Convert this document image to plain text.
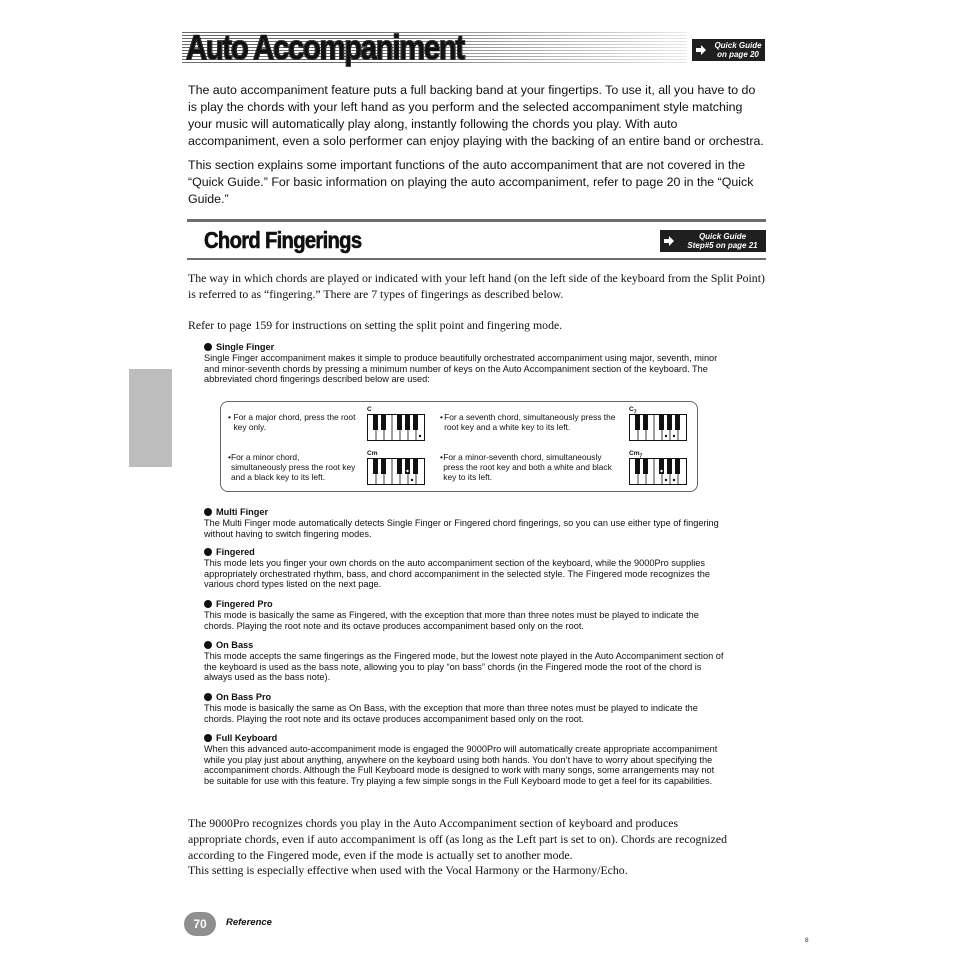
Auto Accompaniment	Quick Guide
on page 20

The auto accompaniment feature puts a full backing band at your fingertips. To use it, all you have to do is play the chords with your left hand as you perform and the selected accompaniment style matching your music will automatically play along, instantly following the chords you play. With auto accompaniment, even a solo performer can enjoy playing with the backing of an entire band or orchestra.

This section explains some important functions of the auto accompaniment that are not covered in the “Quick Guide.” For basic information on playing the auto accompaniment, refer to page 20 in the “Quick Guide.”

Chord Fingerings	Quick Guide
Step#5 on page 21

The way in which chords are played or indicated with your left hand (on the left side of the keyboard from the Split Point) is referred to as “fingering.” There are 7 types of fingerings as described below.

Refer to page 159 for instructions on setting the split point and fingering mode.

Single Finger
Single Finger accompaniment makes it simple to produce beautifully orchestrated accompaniment using major, seventh, minor and minor-seventh chords by pressing a minimum number of keys on the Auto Accompaniment section of the keyboard. The abbreviated chord fingerings described below are used:
• For a major chord, press the root key only.
C
• For a seventh chord, simultaneously press the root key and a white key to its left.
$C_7$
• For a minor chord, simultaneously press the root key and a black key to its left.
Cm	• For a minor-seventh chord, simultaneously press the root key and both a white and black key to its left.
$Cm_7$
Multi Finger
The Multi Finger mode automatically detects Single Finger or Fingered chord fingerings, so you can use either type of fingering without having to switch fingering modes.
Fingered
This mode lets you finger your own chords on the auto accompaniment section of the keyboard, while the 9000Pro supplies appropriately orchestrated rhythm, bass, and chord accompaniment in the selected style. The Fingered mode recognizes the various chord types listed on the next page.
Fingered Pro
This mode is basically the same as Fingered, with the exception that more than three notes must be played to indicate the chords. Playing the root note and its octave produces accompaniment based only on the root.
On Bass
This mode accepts the same fingerings as the Fingered mode, but the lowest note played in the Auto Accompaniment section of the keyboard is used as the bass note, allowing you to play “on bass” chords (in the Fingered mode the root of the chord is always used as the bass note).
On Bass Pro
This mode is basically the same as On Bass, with the exception that more than three notes must be played to indicate the chords. Playing the root note and its octave produces accompaniment based only on the root.
Full Keyboard
When this advanced auto-accompaniment mode is engaged the 9000Pro will automatically create appropriate accompaniment while you play just about anything, anywhere on the keyboard using both hands. You don’t have to worry about specifying the accompaniment chords. Although the Full Keyboard mode is designed to work with many songs, some arrangements may not be suitable for use with this feature. Try playing a few simple songs in the Full Keyboard mode to get a feel for its capabilities.

The 9000Pro recognizes chords you play in the Auto Accompaniment section of keyboard and produces appropriate chords, even if auto accompaniment is off (as long as the Left part is set to on). Chords are recognized according to the Fingered mode, even if the mode is actually set to another mode.

This setting is especially effective when used with the Vocal Harmony or the Harmony/Echo.

70	Reference
8
